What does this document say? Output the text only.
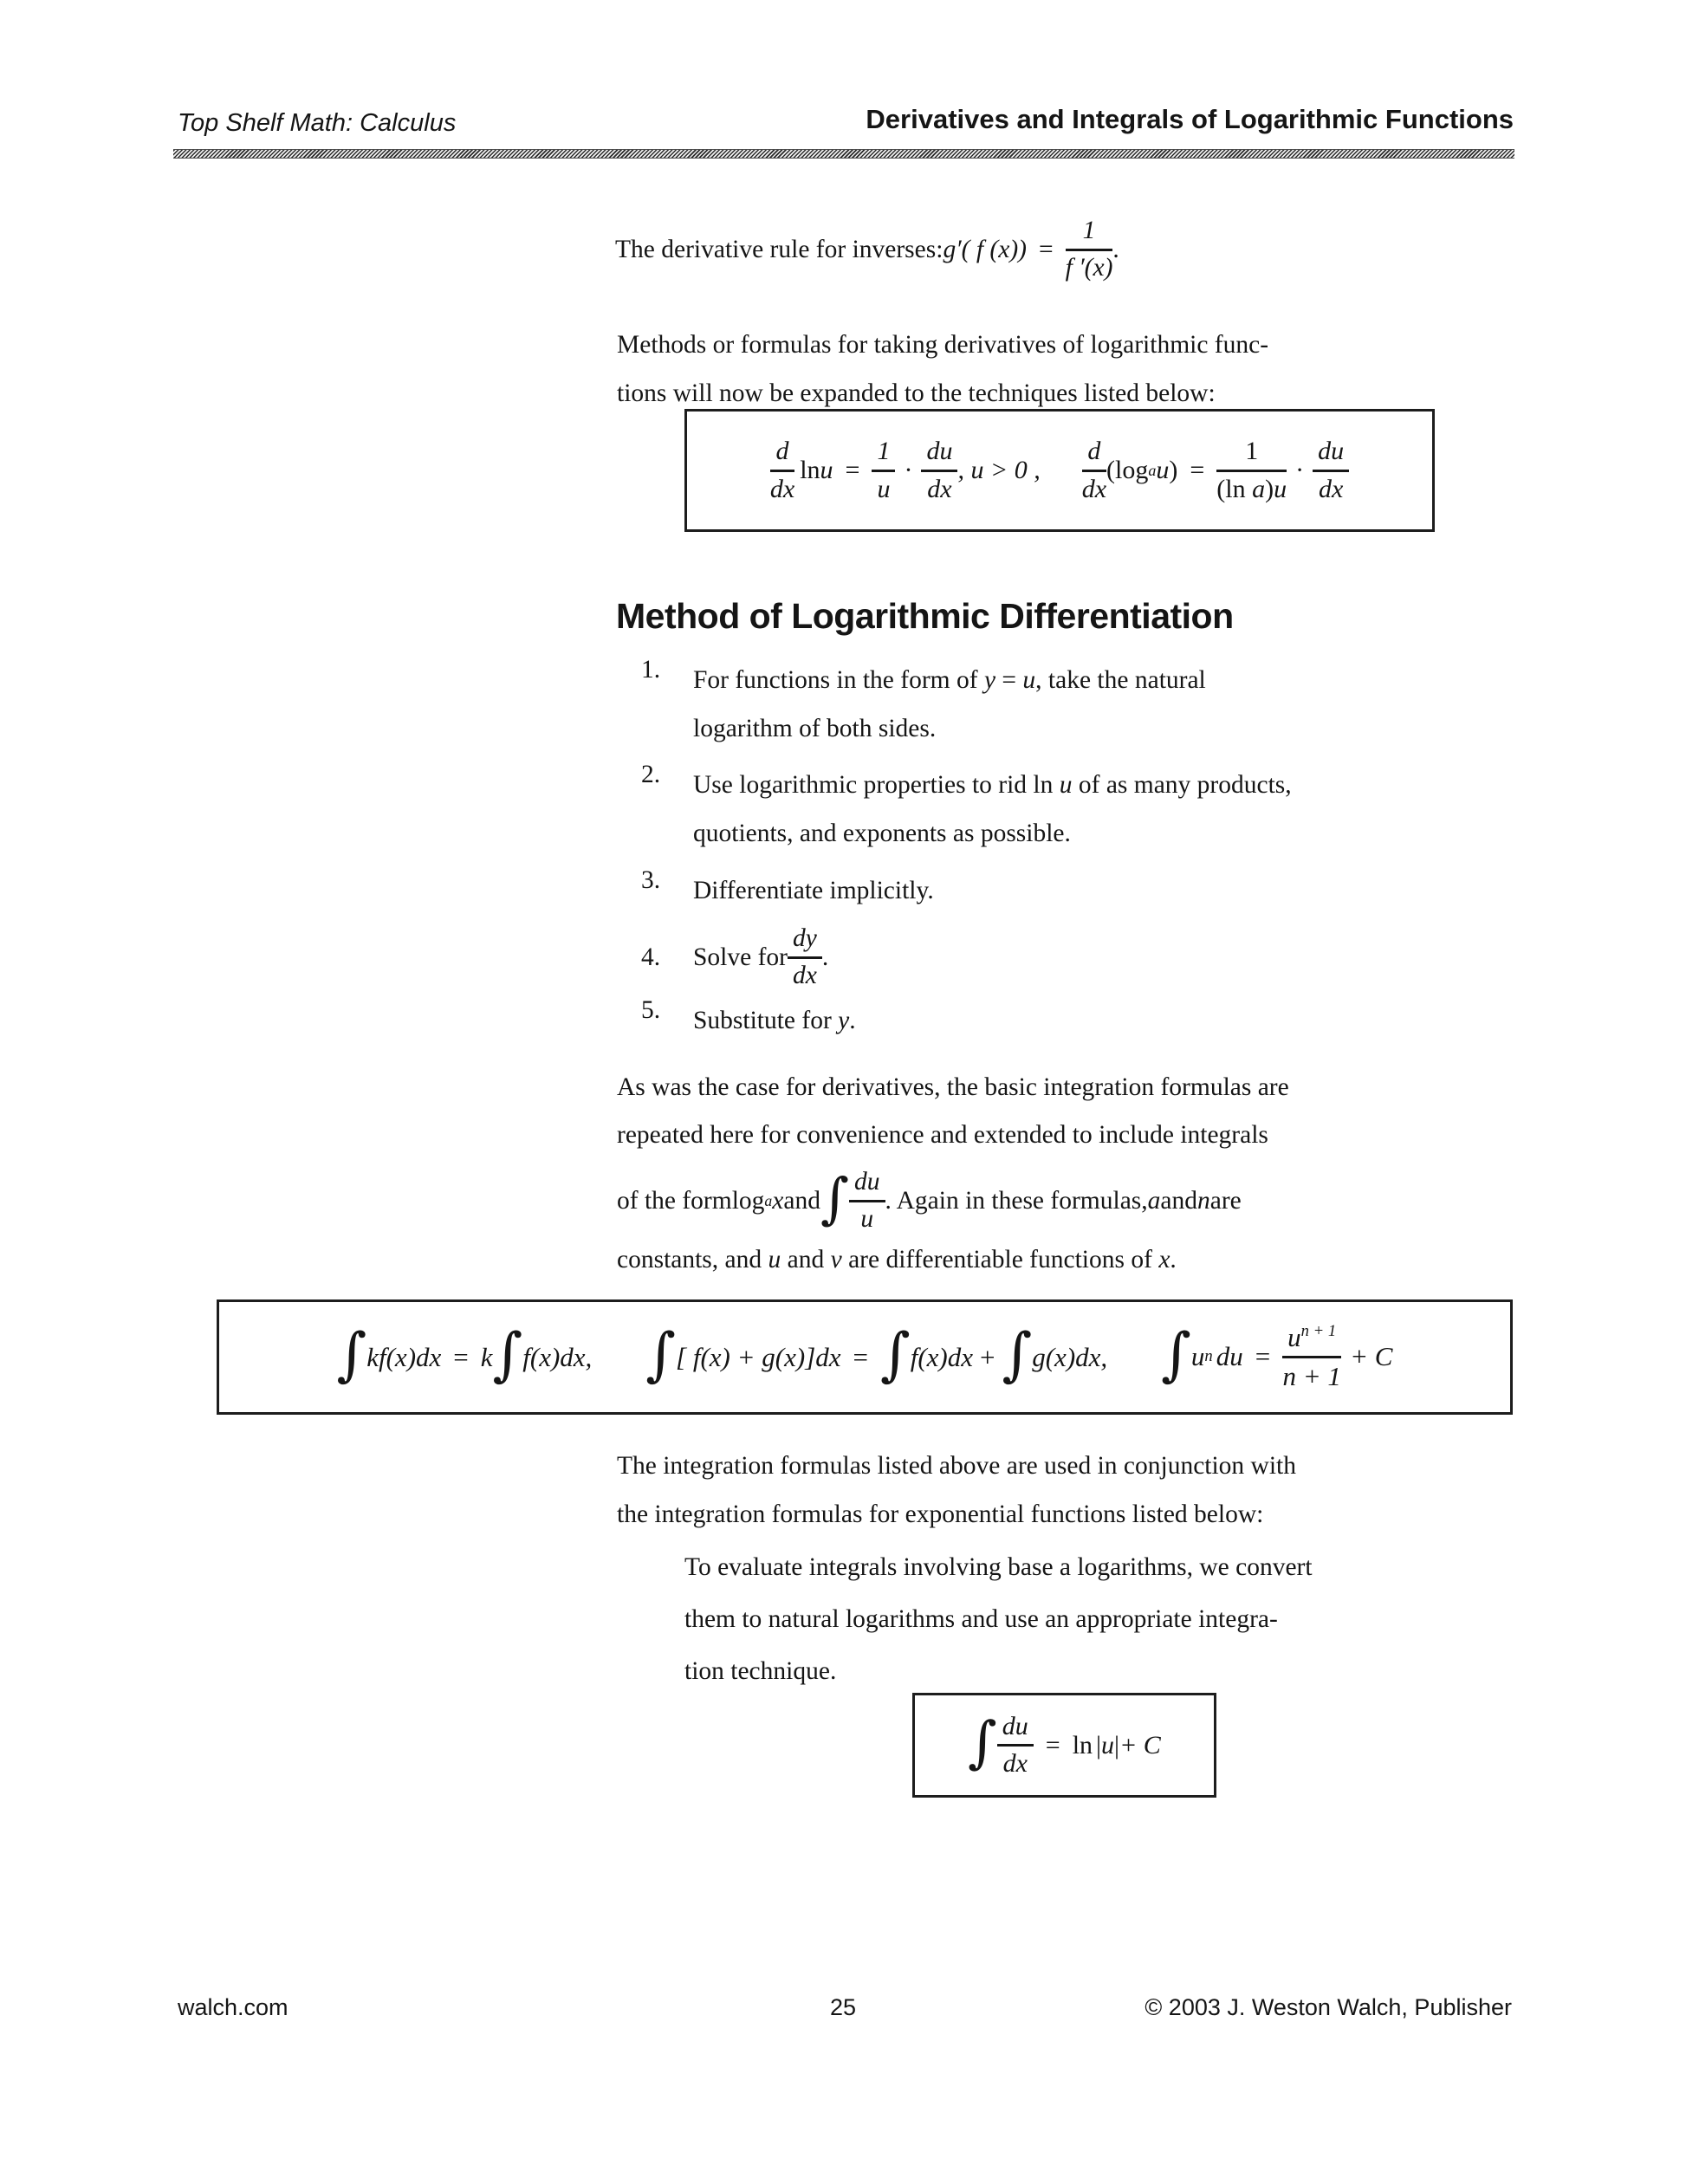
Top Shelf Math: Calculus	Derivatives and Integrals of Logarithmic Functions
The derivative rule for inverses: g′( f $(x)) = \frac{1}{f '(x)}$ .
Methods or formulas for taking derivatives of logarithmic func-
tions will now be expanded to the techniques listed below:
$\frac{d}{dx}$ $\ln u = \frac{1}{u} \cdot \frac{du}{dx}$ , u > 0 , $\frac{d}{dx}$ ( log a u ) = $\frac{1}{\text{(ln a)u}} \cdot \frac{du}{dx}$
Method of Logarithmic Differentiation
1.	For functions in the form of y = u, take the natural
logarithm of both sides.
2.	Use logarithmic properties to rid ln u of as many products,
quotients, and exponents as possible.
3.	Differentiate implicitly.
4.	Solve for $\frac{dy}{dx}$ .
5.	Substitute for y.
As was the case for derivatives, the basic integration formulas are
repeated here for convenience and extended to include integrals
of the form log a x and ∫ $\frac{du}{u}$ . Again in these formulas, a and n are
constants, and u and v are differentiable functions of x.
∫ kf(x)dx = k ∫ f(x)dx, ∫ [ f(x) + g(x)]dx = ∫ f(x)dx + ∫ g(x)dx, ∫ u n du = $\frac{u^{n + 1}}{n + 1} + C$
The integration formulas listed above are used in conjunction with
the integration formulas for exponential functions listed below:
To evaluate integrals involving base a logarithms, we convert
them to natural logarithms and use an appropriate integra-
tion technique.
∫ $\frac{du}{dx} = \ln$ | u | + C
25
walch.com	© 2003 J. Weston Walch, Publisher
